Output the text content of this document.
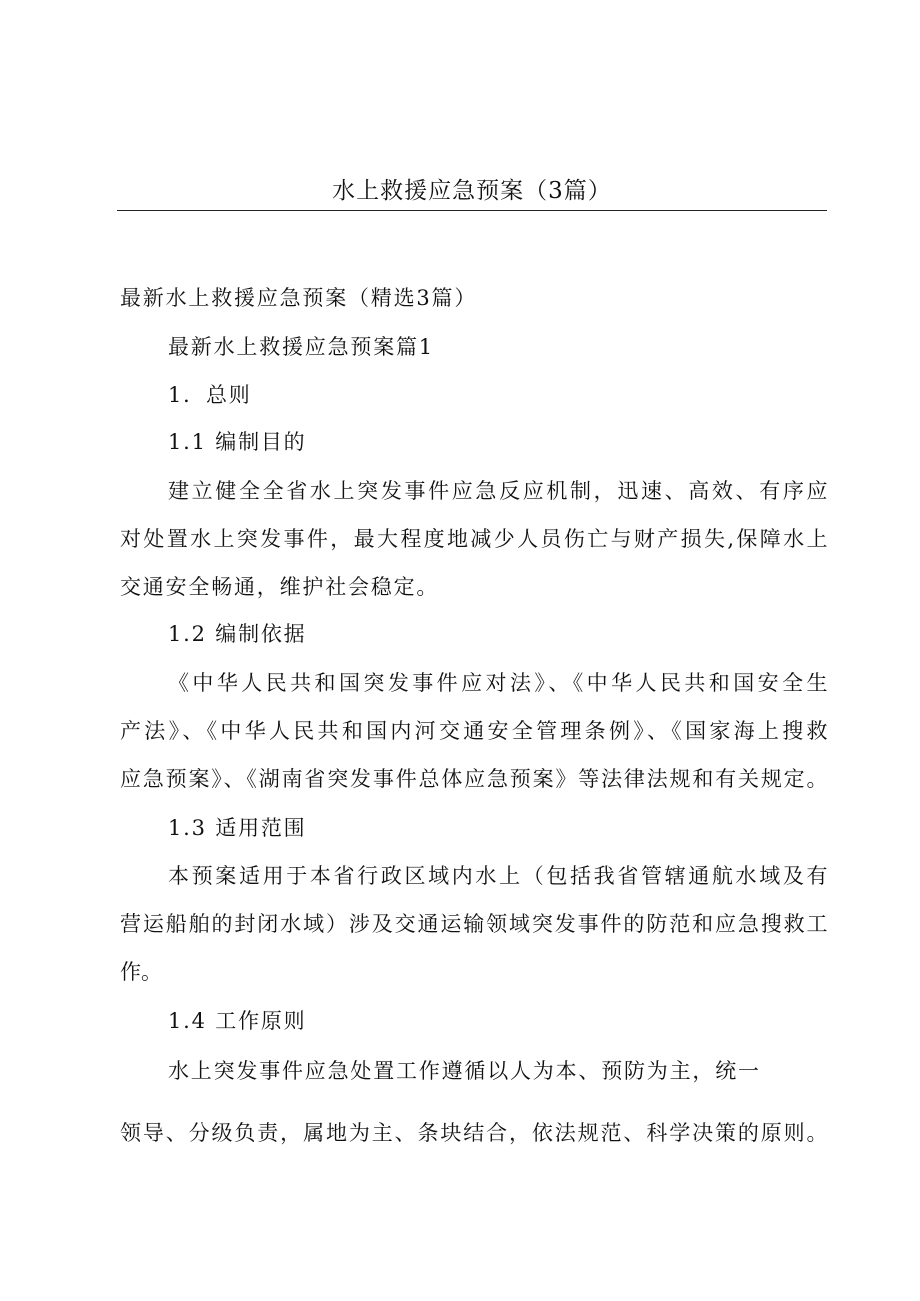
水上救援应急预案（3篇）

最新水上救援应急预案（精选3篇）

最新水上救援应急预案篇1

1．总则

1.1 编制目的

建立健全全省水上突发事件应急反应机制，迅速、高效、有序应

对处置水上突发事件，最大程度地减少人员伤亡与财产损失,保障水上

交通安全畅通，维护社会稳定。

1.2 编制依据

《中华人民共和国突发事件应对法》、《中华人民共和国安全生

产法》、《中华人民共和国内河交通安全管理条例》、《国家海上搜救

应急预案》、《湖南省突发事件总体应急预案》等法律法规和有关规定。

1.3 适用范围

本预案适用于本省行政区域内水上（包括我省管辖通航水域及有

营运船舶的封闭水域）涉及交通运输领域突发事件的防范和应急搜救工

作。

1.4 工作原则

水上突发事件应急处置工作遵循以人为本、预防为主，统一

领导、分级负责，属地为主、条块结合，依法规范、科学决策的原则。
